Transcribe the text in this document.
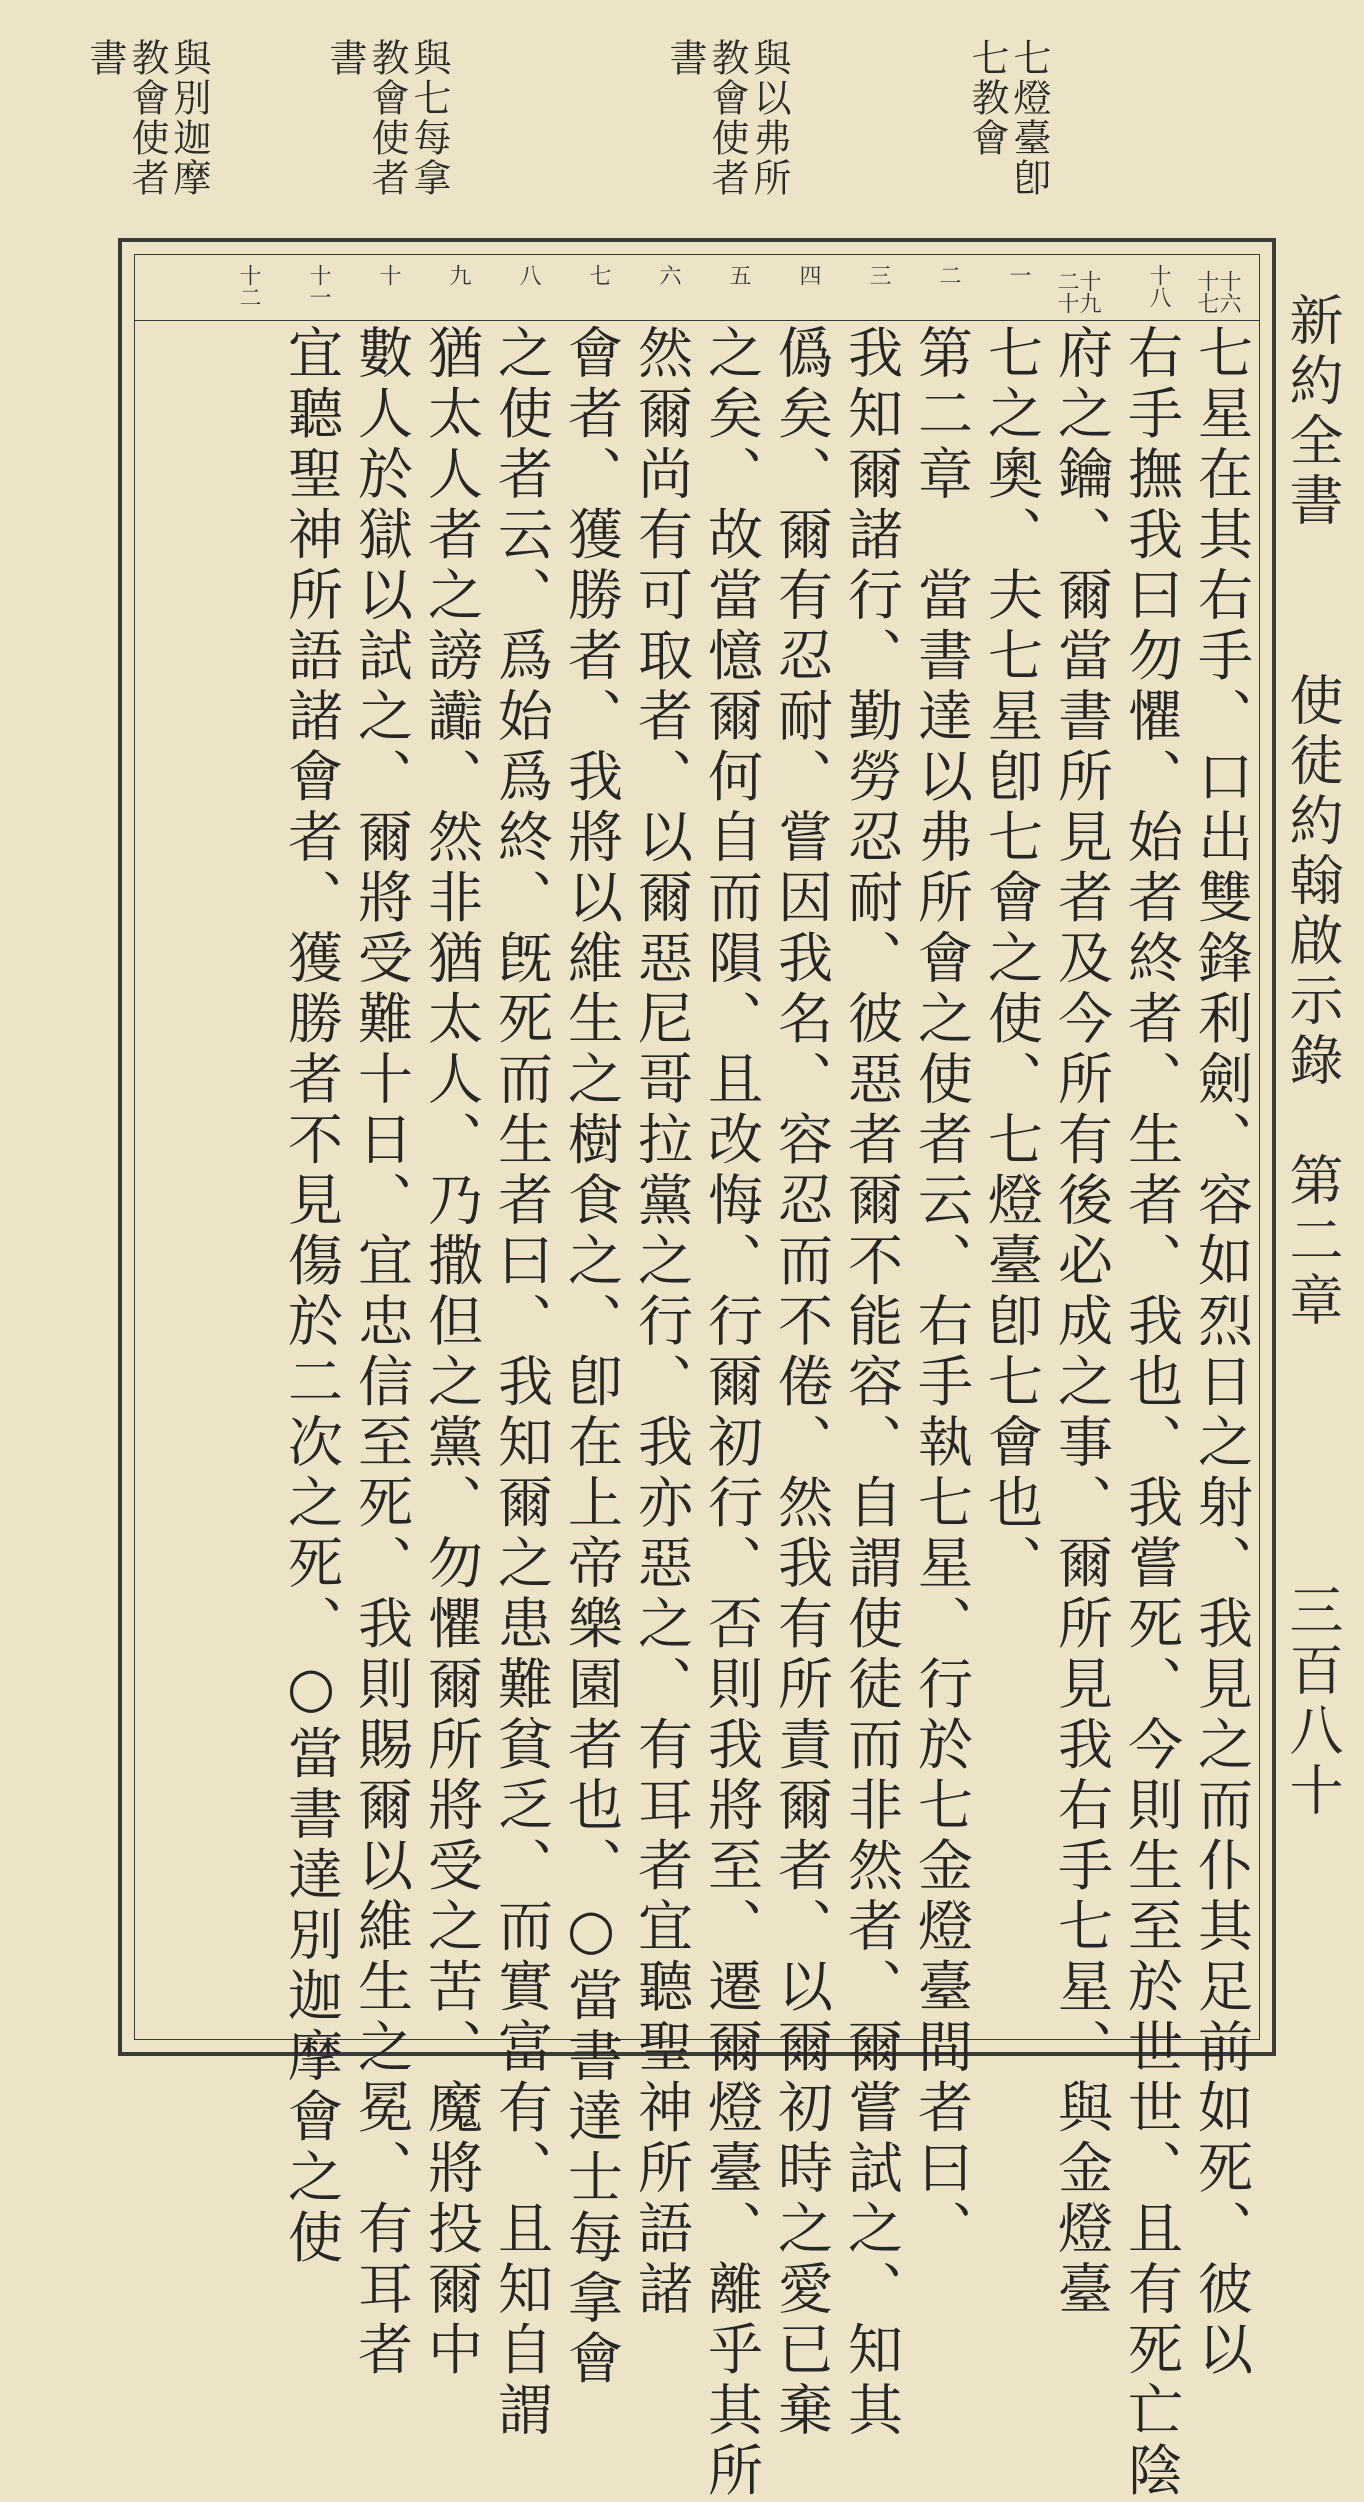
七燈臺卽
七教會
與以弗所
教會使者
書
與七每拿
教會使者
書
與別迦摩
教會使者
書
十六十七
十八
十九二十
一
二
三
四
五
六
七
八
九
十
十一
十二
七星在其右手、口出雙鋒利劍、容如烈日之射、我見之而仆其足前如死、彼以
右手撫我曰勿懼、始者終者、生者、我也、我嘗死、今則生至於世世、且有死亡陰
府之鑰、爾當書所見者及今所有後必成之事、爾所見我右手七星、與金燈臺
七之奧、夫七星卽七會之使、七燈臺卽七會也、
第二章　當書達以弗所會之使者云、右手執七星、行於七金燈臺間者曰、
我知爾諸行、勤勞忍耐、彼惡者爾不能容、自謂使徒而非然者、爾嘗試之、知其
僞矣、爾有忍耐、嘗因我名、容忍而不倦、然我有所責爾者、以爾初時之愛已棄
之矣、故當憶爾何自而隕、且改悔、行爾初行、否則我將至、遷爾燈臺、離乎其所
然爾尚有可取者、以爾惡尼哥拉黨之行、我亦惡之、有耳者宜聽聖神所語諸
會者、獲勝者、我將以維生之樹食之、卽在上帝樂園者也、○當書達士每拿會
之使者云、爲始爲終、旣死而生者曰、我知爾之患難貧乏、而實富有、且知自謂
猶太人者之謗讟、然非猶太人、乃撒但之黨、勿懼爾所將受之苦、魔將投爾中
數人於獄以試之、爾將受難十日、宜忠信至死、我則賜爾以維生之冕、有耳者
宜聽聖神所語諸會者、獲勝者不見傷於二次之死、○當書達別迦摩會之使	新約全書
使徒約翰啟示錄　第二章
三百八十
